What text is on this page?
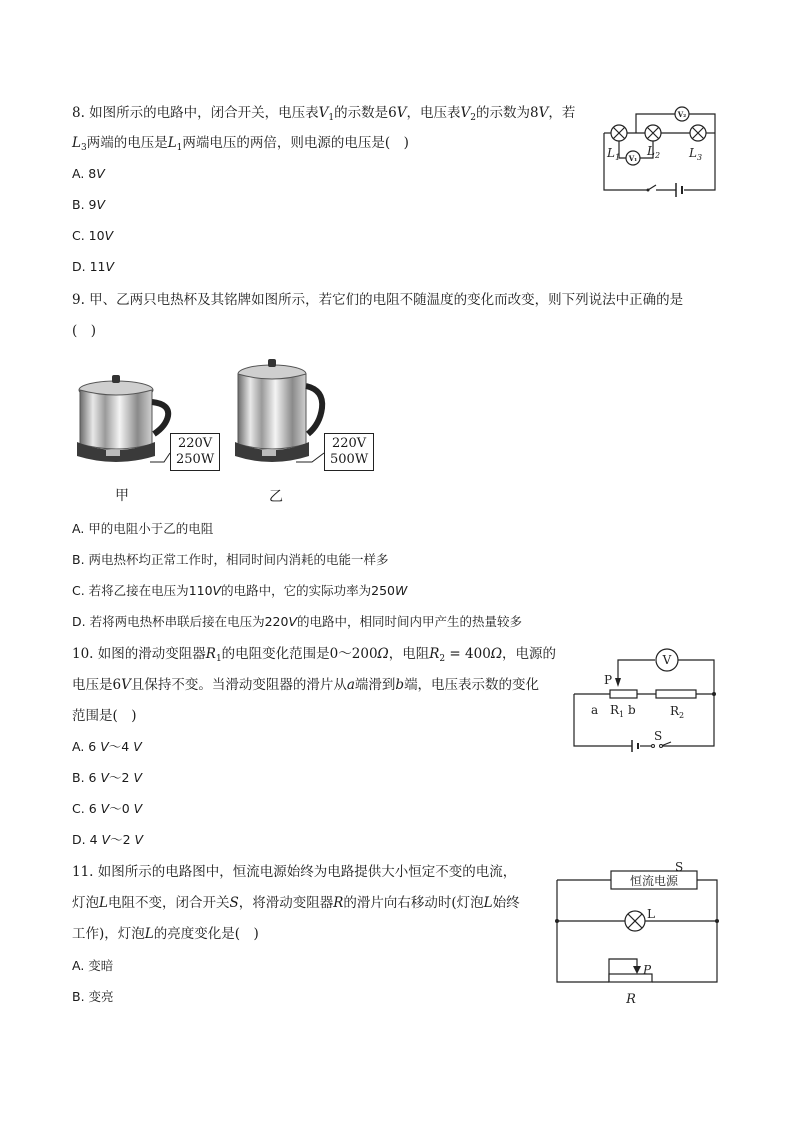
8. 如图所示的电路中，闭合开关，电压表$V_1$的示数是6V，电压表$V_2$的示数为8V，若
$L_3$两端的电压是$L_1$两端电压的两倍，则电源的电压是(　)
A. 8V
B. 9V
C. 10V
D. 11V
V₂
V₁
$L_1$ $L_2$ $L_3$
9. 甲、乙两只电热杯及其铭牌如图所示，若它们的电阻不随温度的变化而改变，则下列说法中正确的是
(　)
220V
250W
甲
220V
500W
乙
A. 甲的电阻小于乙的电阻
B. 两电热杯均正常工作时，相同时间内消耗的电能一样多
C. 若将乙接在电压为110V的电路中，它的实际功率为250W
D. 若将两电热杯串联后接在电压为220V的电路中，相同时间内甲产生的热量较多
10. 如图的滑动变阻器$R_1$的电阻变化范围是0～200Ω，电阻$R_2 = 400\Omega$，电源的
电压是6V且保持不变。当滑动变阻器的滑片从a端滑到b端，电压表示数的变化
范围是(　)
A. 6 V～4 V
B. 6 V～2 V
C. 6 V～0 V
D. 4 V～2 V
V
P
a $R_1$ b	$R_2$
S
11. 如图所示的电路图中，恒流电源始终为电路提供大小恒定不变的电流，
灯泡L电阻不变，闭合开关S，将滑动变阻器R的滑片向右移动时(灯泡L始终
工作)，灯泡L的亮度变化是(　)
A. 变暗
B. 变亮
恒流电源
S
L
P
R
